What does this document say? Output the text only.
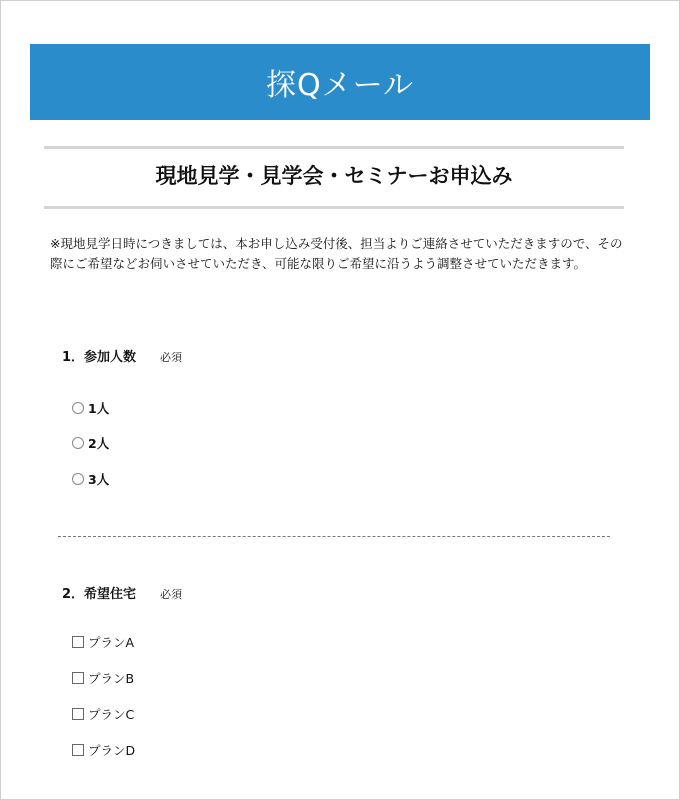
探Qメール
現地見学・見学会・セミナーお申込み
※現地見学日時につきましては、本お申し込み受付後、担当よりご連絡させていただきますので、その際にご希望などお伺いさせていただき、可能な限りご希望に沿うよう調整させていただきます。
1．参加人数 必須
1人
2人
3人
2．希望住宅 必須
プランA
プランB
プランC
プランD
